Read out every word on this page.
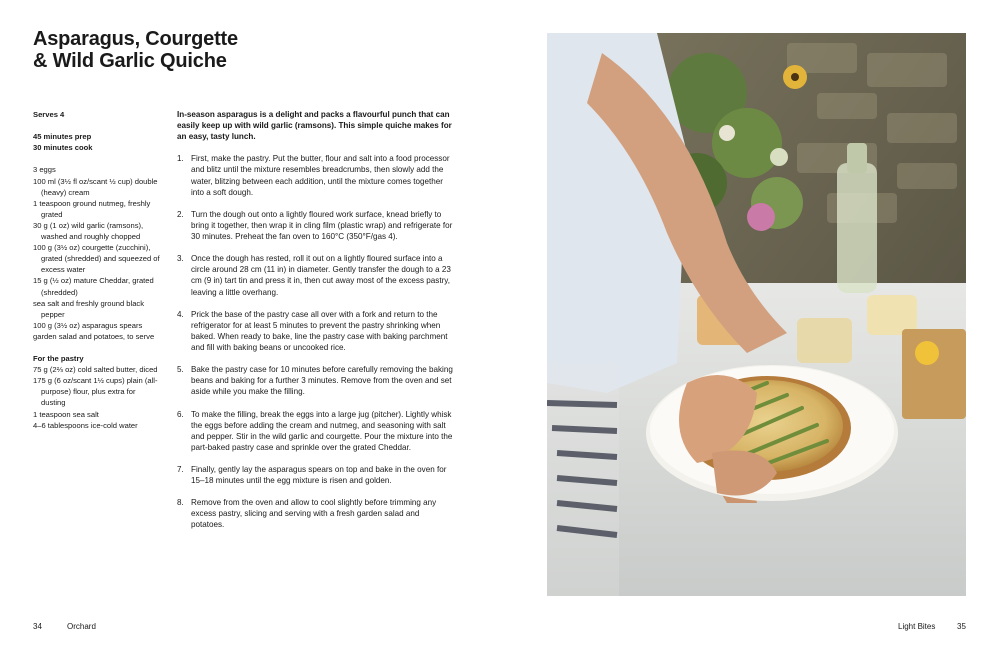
Asparagus, Courgette
& Wild Garlic Quiche
Serves 4
45 minutes prep
30 minutes cook
3 eggs
100 ml (3½ fl oz/scant ½ cup) double (heavy) cream
1 teaspoon ground nutmeg, freshly grated
30 g (1 oz) wild garlic (ramsons), washed and roughly chopped
100 g (3½ oz) courgette (zucchini), grated (shredded) and squeezed of excess water
15 g (½ oz) mature Cheddar, grated (shredded)
sea salt and freshly ground black pepper
100 g (3½ oz) asparagus spears
garden salad and potatoes, to serve
For the pastry
75 g (2⅔ oz) cold salted butter, diced
175 g (6 oz/scant 1½ cups) plain (all-purpose) flour, plus extra for dusting
1 teaspoon sea salt
4–6 tablespoons ice-cold water

In-season asparagus is a delight and packs a flavourful punch that can easily keep up with wild garlic (ramsons). This simple quiche makes for an easy, tasty lunch.

1. First, make the pastry. Put the butter, flour and salt into a food processor and blitz until the mixture resembles breadcrumbs, then slowly add the water, blitzing between each addition, until the mixture comes together into a soft dough.
2. Turn the dough out onto a lightly floured work surface, knead briefly to bring it together, then wrap it in cling film (plastic wrap) and refrigerate for 30 minutes. Preheat the fan oven to 160°C (350°F/gas 4).
3. Once the dough has rested, roll it out on a lightly floured surface into a circle around 28 cm (11 in) in diameter. Gently transfer the dough to a 23 cm (9 in) tart tin and press it in, then cut away most of the excess pastry, leaving a little overhang.
4. Prick the base of the pastry case all over with a fork and return to the refrigerator for at least 5 minutes to prevent the pastry shrinking when baked. When ready to bake, line the pastry case with baking parchment and fill with baking beans or uncooked rice.
5. Bake the pastry case for 10 minutes before carefully removing the baking beans and baking for a further 3 minutes. Remove from the oven and set aside while you make the filling.
6. To make the filling, break the eggs into a large jug (pitcher). Lightly whisk the eggs before adding the cream and nutmeg, and seasoning with salt and pepper. Stir in the wild garlic and courgette. Pour the mixture into the part-baked pastry case and sprinkle over the grated Cheddar.
7. Finally, gently lay the asparagus spears on top and bake in the oven for 15–18 minutes until the egg mixture is risen and golden.
8. Remove from the oven and allow to cool slightly before trimming any excess pastry, slicing and serving with a fresh garden salad and potatoes.
34	Orchard	Light Bites	35
